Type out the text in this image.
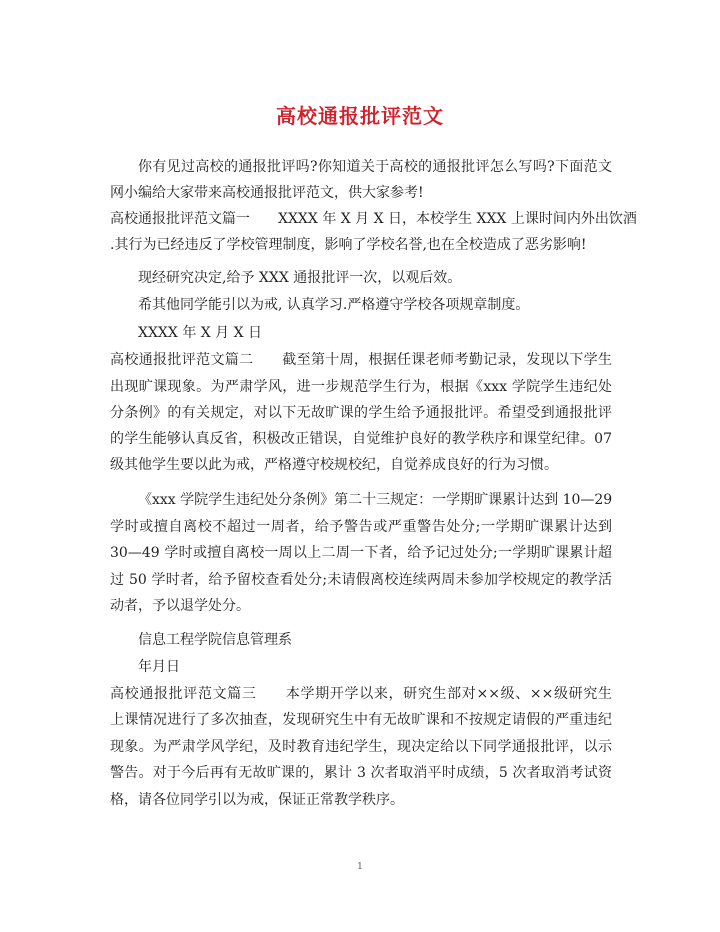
高校通报批评范文
你有见过高校的通报批评吗?你知道关于高校的通报批评怎么写吗?下面范文
网小编给大家带来高校通报批评范文，供大家参考!
高校通报批评范文篇一　　XXXX 年 X 月 X 日，本校学生 XXX 上课时间内外出饮酒
.其行为已经违反了学校管理制度，影响了学校名誉,也在全校造成了恶劣影响!
现经研究决定,给予 XXX 通报批评一次，以观后效。
希其他同学能引以为戒, 认真学习.严格遵守学校各项规章制度。
XXXX 年 X 月 X 日
高校通报批评范文篇二　　截至第十周，根据任课老师考勤记录，发现以下学生
出现旷课现象。为严肃学风，进一步规范学生行为，根据《xxx 学院学生违纪处
分条例》的有关规定，对以下无故旷课的学生给予通报批评。希望受到通报批评
的学生能够认真反省，积极改正错误，自觉维护良好的教学秩序和课堂纪律。07
级其他学生要以此为戒，严格遵守校规校纪，自觉养成良好的行为习惯。
《xxx 学院学生违纪处分条例》第二十三规定：一学期旷课累计达到 10—29
学时或擅自离校不超过一周者，给予警告或严重警告处分;一学期旷课累计达到
30—49 学时或擅自离校一周以上二周一下者，给予记过处分;一学期旷课累计超
过 50 学时者，给予留校查看处分;未请假离校连续两周未参加学校规定的教学活
动者，予以退学处分。
信息工程学院信息管理系
年月日
高校通报批评范文篇三　　本学期开学以来，研究生部对××级、××级研究生
上课情况进行了多次抽查，发现研究生中有无故旷课和不按规定请假的严重违纪
现象。为严肃学风学纪，及时教育违纪学生，现决定给以下同学通报批评，以示
警告。对于今后再有无故旷课的，累计 3 次者取消平时成绩，5 次者取消考试资
格，请各位同学引以为戒，保证正常教学秩序。
1
